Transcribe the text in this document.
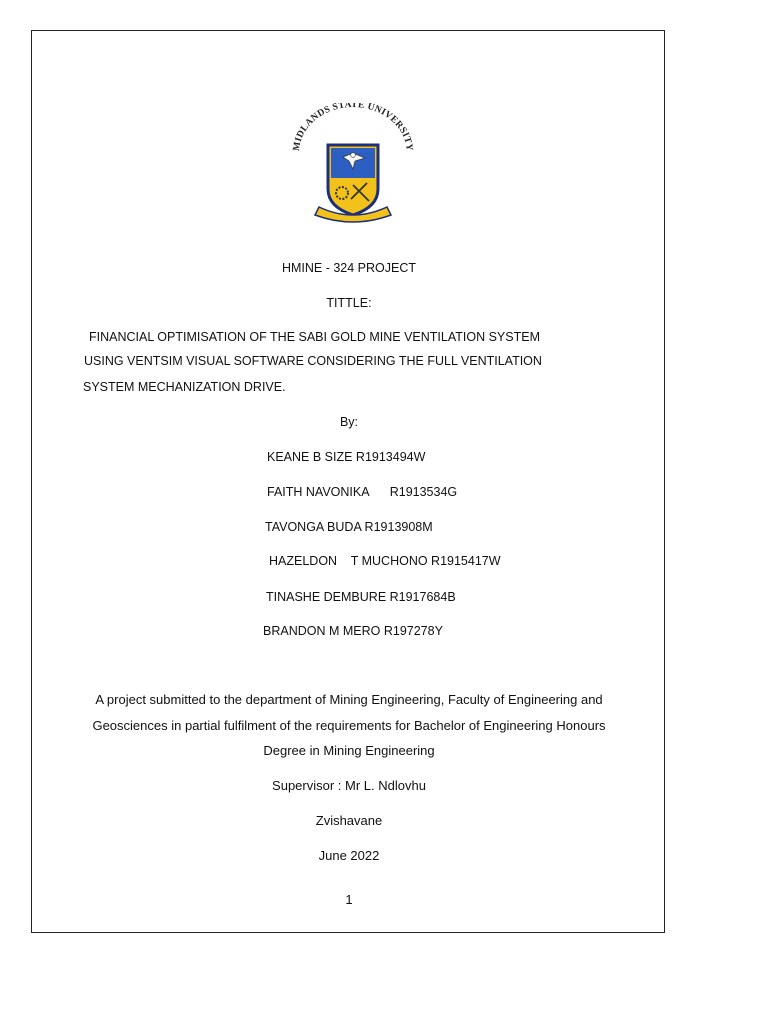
MIDLANDS STATE UNIVERSITY
HMINE - 324 PROJECT
TITTLE:
FINANCIAL OPTIMISATION OF THE SABI GOLD MINE VENTILATION SYSTEM
USING VENTSIM VISUAL SOFTWARE CONSIDERING THE FULL VENTILATION
SYSTEM MECHANIZATION DRIVE.
By:
KEANE B SIZE R1913494W
FAITH NAVONIKA      R1913534G
TAVONGA BUDA R1913908M
HAZELDON    T MUCHONO R1915417W
TINASHE DEMBURE R1917684B
BRANDON M MERO R197278Y
A project submitted to the department of Mining Engineering, Faculty of Engineering and
Geosciences in partial fulfilment of the requirements for Bachelor of Engineering Honours
Degree in Mining Engineering
Supervisor : Mr L. Ndlovhu
Zvishavane
June 2022
1
